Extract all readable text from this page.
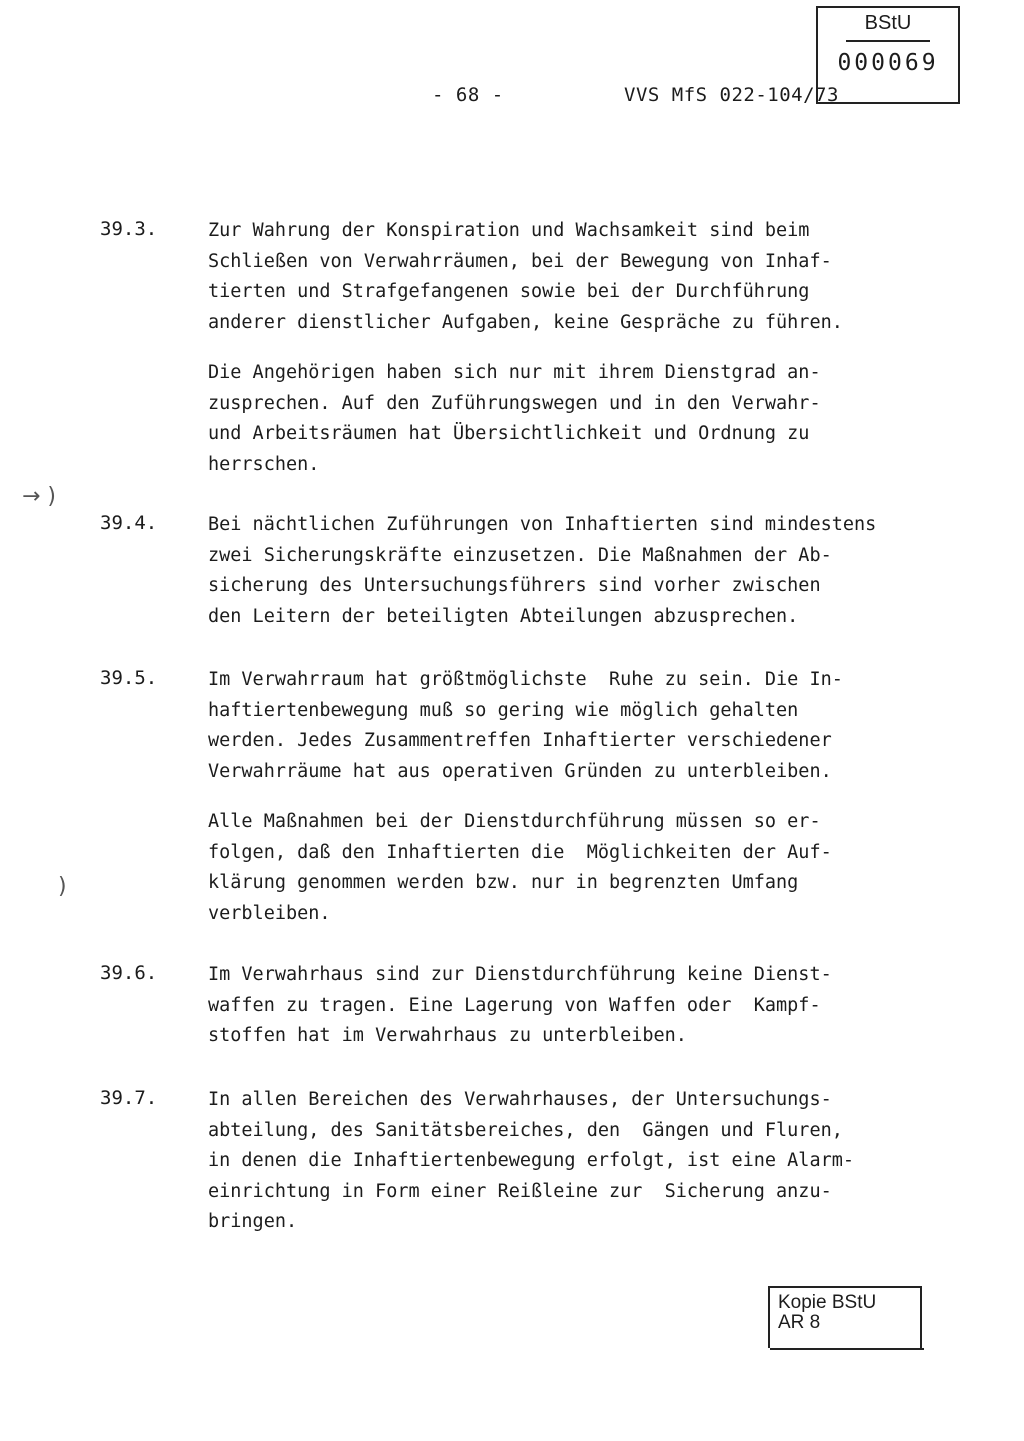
- 68 -	VVS MfS 022-104/73
BStU
000069
39.3.	Zur Wahrung der Konspiration und Wachsamkeit sind beim
Schließen von Verwahrräumen, bei der Bewegung von Inhaf-
tierten und Strafgefangenen sowie bei der Durchführung
anderer dienstlicher Aufgaben, keine Gespräche zu führen.
Die Angehörigen haben sich nur mit ihrem Dienstgrad an-
zusprechen. Auf den Zuführungswegen und in den Verwahr-
und Arbeitsräumen hat Übersichtlichkeit und Ordnung zu
herrschen.
39.4.	Bei nächtlichen Zuführungen von Inhaftierten sind mindestens
zwei Sicherungskräfte einzusetzen. Die Maßnahmen der Ab-
sicherung des Untersuchungsführers sind vorher zwischen
den Leitern der beteiligten Abteilungen abzusprechen.
39.5.	Im Verwahrraum hat größtmöglichste  Ruhe zu sein. Die In-
haftiertenbewegung muß so gering wie möglich gehalten
werden. Jedes Zusammentreffen Inhaftierter verschiedener
Verwahrräume hat aus operativen Gründen zu unterbleiben.
Alle Maßnahmen bei der Dienstdurchführung müssen so er-
folgen, daß den Inhaftierten die  Möglichkeiten der Auf-
klärung genommen werden bzw. nur in begrenzten Umfang
verbleiben.
39.6.	Im Verwahrhaus sind zur Dienstdurchführung keine Dienst-
waffen zu tragen. Eine Lagerung von Waffen oder  Kampf-
stoffen hat im Verwahrhaus zu unterbleiben.
39.7.	In allen Bereichen des Verwahrhauses, der Untersuchungs-
abteilung, des Sanitätsbereiches, den  Gängen und Fluren,
in denen die Inhaftiertenbewegung erfolgt, ist eine Alarm-
einrichtung in Form einer Reißleine zur  Sicherung anzu-
bringen.
→ )
)
Kopie BStU
AR 8
